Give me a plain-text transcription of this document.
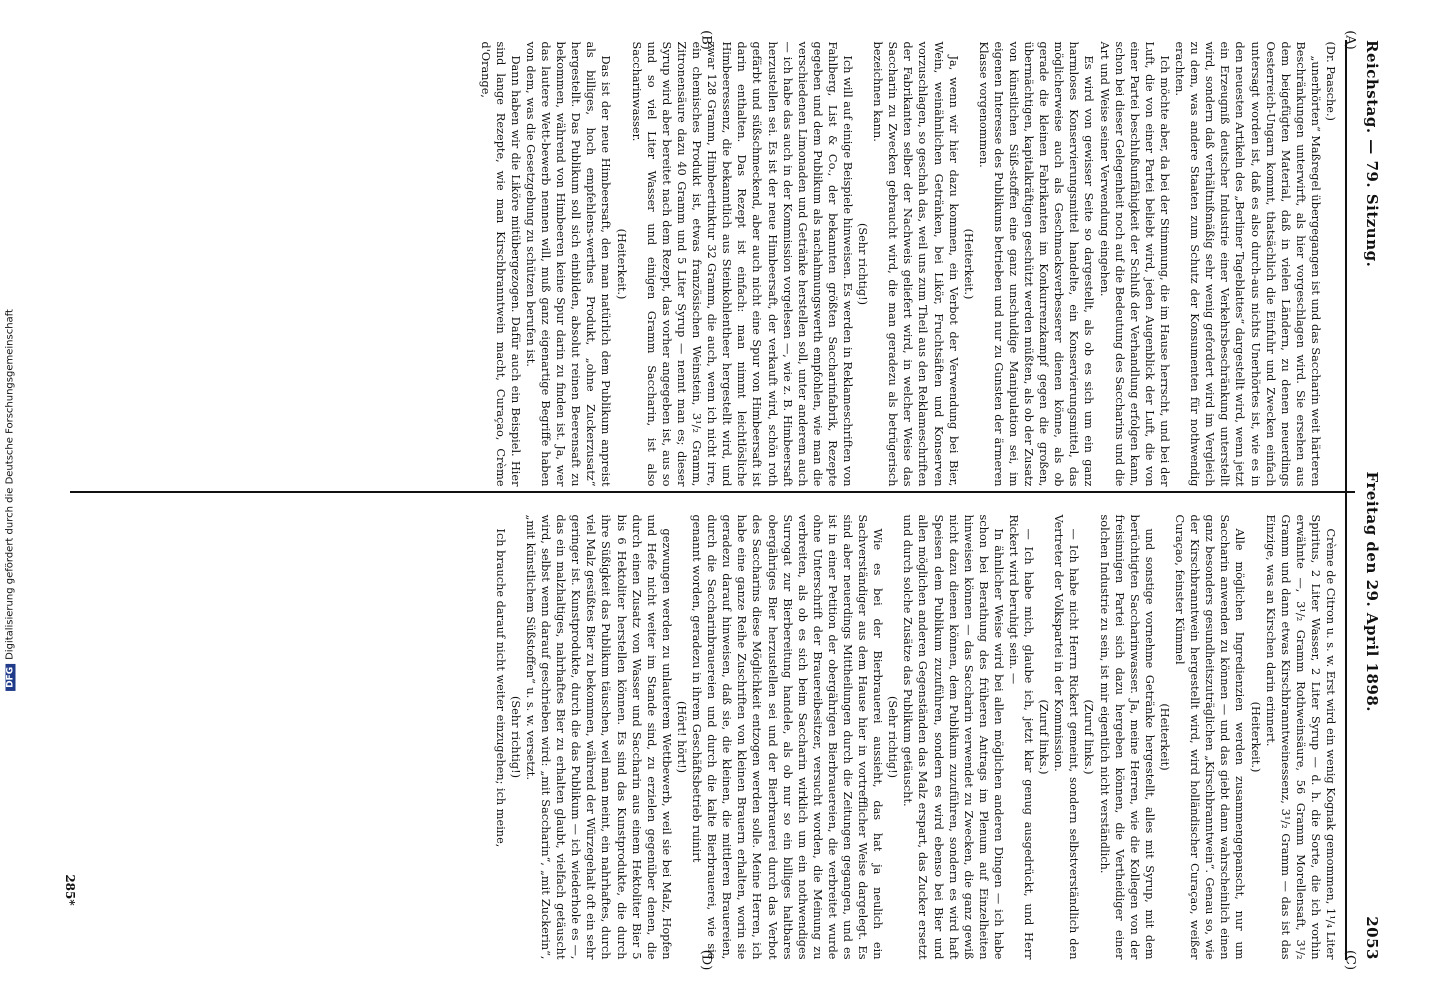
Reichstag. — 79. Sitzung.
Freitag den 29. April 1898.
2053
(A)
(B)
(C)
(D)

(Dr. Paasche.)

„unerhörten“ Maßregel übergegangen ist und das Saccharin weit härteren Beschränkungen unterwirft, als hier vorgeschlagen wird. Sie ersehen aus dem beigefügten Material, daß in vielen Ländern, zu denen neuerdings Oesterreich-Ungarn kommt, thatsächlich die Einfuhr und Zwecken einfach untersagt worden ist, daß es also durch-aus nichts Unerhörtes ist, wie es in den neuesten Artikeln des „Berliner Tageblattes“ dargestellt wird, wenn jetzt ein Erzeugniß deutscher Industrie einer Verkehrsbeschränkung unterstellt wird, sondern daß verhältnißmäßig sehr wenig gefordert wird im Vergleich zu dem, was andere Staaten zum Schutz der Konsumenten für nothwendig erachten.

Ich möchte aber, da bei der Stimmung, die im Hause herrscht, und bei der Luft, die von einer Partei beliebt wird, jeden Augenblick der Luft, die von einer Partei beschlußunfähigkeit der Schluß der Verhandlung erfolgen kann, schon bei dieser Gelegenheit noch auf die Bedeutung des Saccharins und die Art und Weise seiner Verwendung eingehen.

Es wird von gewisser Seite so dargestellt, als ob es sich um ein ganz harmloses Konservierungsmittel handelte, ein Konservierungsmittel, das möglicherweise auch als Geschmacksverbesserer dienen könne, als ob gerade die kleinen Fabrikanten im Konkurrenzkampf gegen die großen, übermächtigen, kapitalkräftigen geschützt werden müßten, als ob der Zusatz von künstlichen Süß-stoffen eine ganz unschuldige Manipulation sei, im eigenen Interesse des Publikums betrieben und nur zu Gunsten der ärmeren Klasse vorgenommen.

(Heiterkeit.)

Ja, wenn wir hier dazu kommen, ein Verbot der Verwendung bei Bier, Wein, weinähnlichen Getränken, bei Likör, Fruchtsäften und Konserven vorzuschlagen, so geschah das, weil uns zum Theil aus den Reklameschriften der Fabrikanten selber der Nachweis geliefert wird, in welcher Weise das Saccharin zu Zwecken gebraucht wird, die man geradezu als betrügerisch bezeichnen kann.

(Sehr richtig!)

Ich will auf einige Beispiele hinweisen. Es werden in Reklameschriften von Fahlberg, List & Co., der bekannten größten Saccharinfabrik, Rezepte gegeben und dem Publikum als nachahmungswerth empfohlen, wie man die verschiedenen Limonaden und Getränke herstellen soll, unter anderem auch — ich habe das auch in der Kommission vorgelesen —, wie z. B. Himbeersaft herzustellen sei. Es ist der neue Himbeersaft, der verkauft wird, schön roth gefärbt und süßschmeckend, aber auch nicht eine Spur von Himbeersaft ist darin enthalten. Das Rezept ist einfach: man nimmt leichtlösliche Himbeeressenz, die bekanntlich aus Steinkohlentheer hergestellt wird, und zwar 128 Gramm, Himbeertinktur 32 Gramm, die auch, wenn ich nicht irre, ein chemisches Produkt ist, etwas französischen Weinstein, 3¹/₂ Gramm, Zitronensäure dazu 40 Gramm und 5 Liter Syrup — nennt man es; dieser Syrup wird aber bereitet nach dem Rezept, das vorher angegeben ist, aus so und so viel Liter Wasser und einigen Gramm Saccharin, ist also Saccharinwasser.

(Heiterkeit.)

Das ist der neue Himbeersaft, den man natürlich dem Publikum anpreist als billiges, hoch empfehlens-werthes Produkt, „ohne Zuckerzusatz“ hergestellt. Das Publikum soll sich einbilden, absolut reinen Beerensaft zu bekommen, während von Himbeeren keine Spur darin zu finden ist. Ja, wer das lautere Wett-bewerb nennen will, muß ganz eigenartige Begriffe haben von dem, was die Gesetzgebung zu schützen berufen ist.

Dann haben wir die Liköre mitübergezogen. Dafür auch ein Beispiel. Hier sind lange Rezepte, wie man Kirschbranntwein macht, Curaçao, Crème d'Orange,

Crème de Citron u. s. w. Erst wird ein wenig Kognak gemommen, 1¹/₄ Liter Spiritus, 2 Liter Wasser, 2 Liter Syrup — d. h. die Sorte, die ich vorhin erwähnte —, 3¹/₂ Gramm Rothweinsäure, 56 Gramm Morellensaft, 3¹/₂ Gramm und dann etwas Kirschbranntweinessenz, 3¹/₂ Gramm — das ist das Einzige, was an Kirschen darin erinnert.

(Heiterkeit.)

Alle möglichen Ingredienzien werden zusammengepanscht, nur um Saccharin anwenden zu können — und das giebt dann wahrscheinlich einen ganz besonders gesundheitszuträglichen „Kirschbranntwein“. Genau so, wie der Kirschbranntwein hergestellt wird, wird holländischer Curaçao, weißer Curaçao, feinster Kümmel

(Heiterkeit)

und sonstige vornehme Getränke hergestellt, alles mit Syrup, mit dem berüchtigten Saccharinwasser. Ja, meine Herren, wie die Kollegen von der freisinnigen Partei sich dazu hergeben können, die Vertheidiger einer solchen Industrie zu sein, ist mir eigentlich nicht verständlich.

(Zuruf links.)

— Ich habe nicht Herrn Rickert gemeint, sondern selbstverständlich den Vertreter der Volkspartei in der Kommission.

(Zuruf links.)

— Ich habe mich, glaube ich, jetzt klar genug ausgedrückt, und Herr Rickert wird beruhigt sein. —

In ähnlicher Weise wird bei allen möglichen anderen Dingen — ich habe schon bei Berathung des früheren Antrags im Plenum auf Einzelheiten hinweisen können — das Saccharin verwendet zu Zwecken, die ganz gewiß nicht dazu dienen können, dem Publikum zuzuführen, sondern es wird haft Speisen dem Publikum zuzuführen, sondern es wird ebenso bei Bier und allen möglichen anderen Gegenständen das Malz erspart, das Zucker ersetzt und durch solche Zusätze das Publikum getäuscht.

(Sehr richtig!)

Wie es bei der Bierbrauerei aussieht, das hat ja neulich ein Sachverständiger aus dem Hause hier in vortrefflicher Weise dargelegt. Es sind aber neuerdings Mittheilungen durch die Zeitungen gegangen, und es ist in einer Petition der obergährigen Bierbrauereien, die verbreitet wurde ohne Unterschrift der Brauereibesitzer, versucht worden, die Meinung zu verbreiten, als ob es sich beim Saccharin wirklich um ein nothwendiges Surrogat zur Bierbereitung handele, als ob nur so ein billiges haltbares obergähriges Bier herzustellen sei und der Bierbrauerei durch das Verbot des Saccharins diese Möglichkeit entzogen werden solle. Meine Herren, ich habe eine ganze Reihe Zuschriften von kleinen Brauern erhalten, worin sie geradezu darauf hinweisen, daß sie, die kleinen, die mittleren Brauereien, durch die Saccharinbrauereien und durch die kalte Bierbrauerei, wie sie genannt worden, geradezu in ihrem Geschäftsbetrieb ruinirt

(Hört! hört!)

gezwungen werden zu unlauterem Wettbewerb, weil sie bei Malz, Hopfen und Hefe nicht weiter im Stande sind, zu erzielen gegenüber denen, die durch einen Zusatz von Wasser und Saccharin aus einem Hektoliter Bier 5 bis 6 Hektoliter herstellen können. Es sind das Kunstprodukte, die durch ihre Süßigkeit das Publikum täuschen, weil man meint, ein nahrhaftes, durch viel Malz gesüßtes Bier zu bekommen, während der Würzegehalt oft ein sehr geringer ist. Kunstprodukte, durch die das Publikum — ich wiederhole es —, das ein malzhaltiges, nahrhaftes Bier zu erhalten glaubt, vielfach getäuscht wird, selbst wenn darauf geschrieben wird: „mit Saccharin“, „mit Zuckerin“, „mit künstlichem Süßstoffen“ u. s. w. versetzt.

(Sehr richtig!)

Ich brauche darauf nicht weiter einzugehen; ich meine,

285*
DFGDigitalisierung gefördert durch die Deutsche Forschungsgemeinschaft
